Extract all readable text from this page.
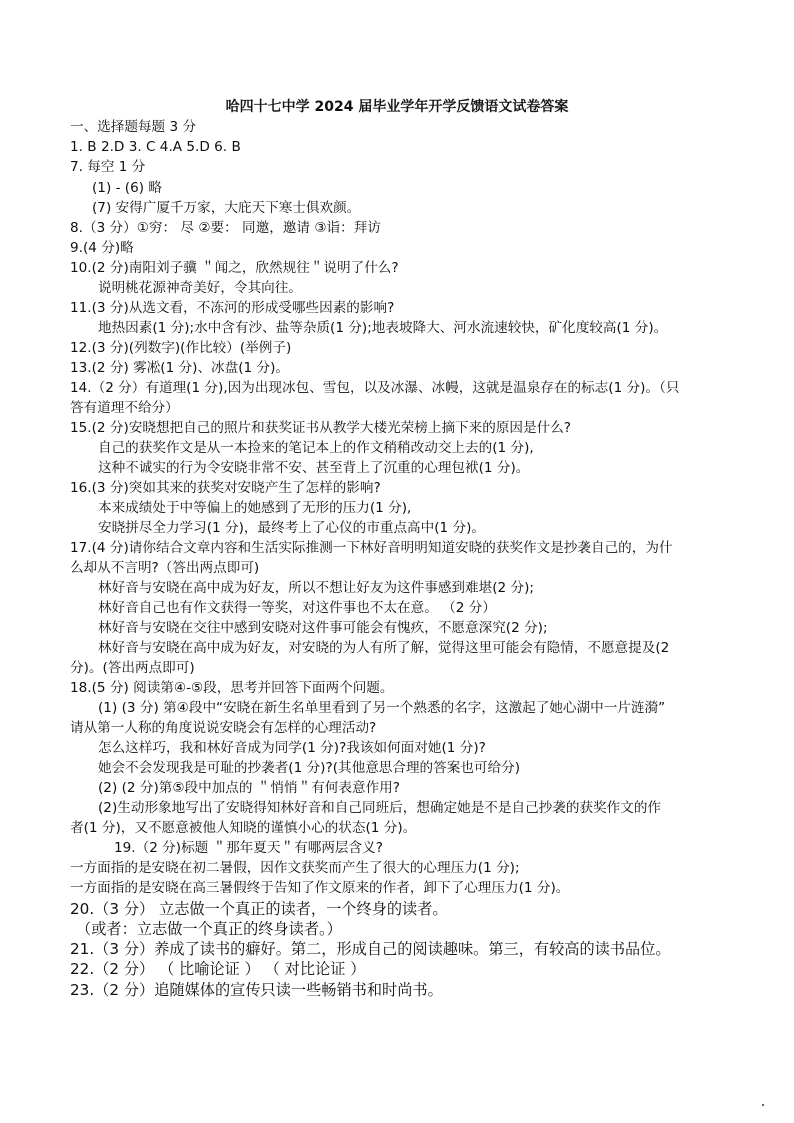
哈四十七中学 2024 届毕业学年开学反馈语文试卷答案
一、选择题每题 3 分
1. B 2.D 3. C 4.A 5.D 6. B
7. 每空 1 分
(1) - (6) 略
(7) 安得广厦千万家，大庇天下寒士俱欢颜。
8.（3 分）①穷： 尽 ②要： 同邀，邀请 ③诣：拜访
9.(4 分)略
10.(2 分)南阳刘子骥 ＂闻之，欣然规往＂说明了什么?
说明桃花源神奇美好，令其向往。
11.(3 分)从选文看，不冻河的形成受哪些因素的影响?
地热因素(1 分);水中含有沙、盐等杂质(1 分);地表坡降大、河水流速较快，矿化度较高(1 分)。
12.(3 分)(列数字)(作比较）(举例子)
13.(2 分) 雾凇(1 分)、冰盘(1 分)。
14.（2 分）有道理(1 分),因为出现冰包、雪包，以及冰瀑、冰幔，这就是温泉存在的标志(1 分)。（只
答有道理不给分）
15.(2 分)安晓想把自己的照片和获奖证书从教学大楼光荣榜上摘下来的原因是什么?
自己的获奖作文是从一本捡来的笔记本上的作文稍稍改动交上去的(1 分),
这种不诚实的行为令安晓非常不安、甚至背上了沉重的心理包袱(1 分)。
16.(3 分)突如其来的获奖对安晓产生了怎样的影响?
本来成绩处于中等偏上的她感到了无形的压力(1 分),
安晓拼尽全力学习(1 分)，最终考上了心仪的市重点高中(1 分)。
17.(4 分)请你结合文章内容和生活实际推测一下林好音明明知道安晓的获奖作文是抄袭自己的，为什
么却从不言明?（答出两点即可)
林好音与安晓在高中成为好友，所以不想让好友为这件事感到难堪(2 分);
林好音自己也有作文获得一等奖，对这件事也不太在意。 （2 分）
林好音与安晓在交往中感到安晓对这件事可能会有愧疚，不愿意深究(2 分);
林好音与安晓在高中成为好友，对安晓的为人有所了解，觉得这里可能会有隐情，不愿意提及(2
分)。(答出两点即可)
18.(5 分) 阅读第④-⑤段，思考并回答下面两个问题。
(1) (3 分) 第④段中“安晓在新生名单里看到了另一个熟悉的名字，这激起了她心湖中一片涟漪”
请从第一人称的角度说说安晓会有怎样的心理活动?
怎么这样巧，我和林好音成为同学(1 分)?我该如何面对她(1 分)?
她会不会发现我是可耻的抄袭者(1 分)?(其他意思合理的答案也可给分)
(2) (2 分)第⑤段中加点的 ＂悄悄＂有何表意作用?
(2)生动形象地写出了安晓得知林好音和自己同班后，想确定她是不是自己抄袭的获奖作文的作
者(1 分)，又不愿意被他人知晓的谨慎小心的状态(1 分)。
19.（2 分)标题 ＂那年夏天＂有哪两层含义?
一方面指的是安晓在初二暑假，因作文获奖而产生了很大的心理压力(1 分);
一方面指的是安晓在高三暑假终于告知了作文原来的作者，卸下了心理压力(1 分)。
20.（3 分） 立志做一个真正的读者，一个终身的读者。
（或者：立志做一个真正的终身读者。）
21.（3 分）养成了读书的癖好。第二，形成自己的阅读趣味。第三，有较高的读书品位。
22.（2 分） （ 比喻论证 ） （ 对比论证 ）
23.（2 分）追随媒体的宣传只读一些畅销书和时尚书。
